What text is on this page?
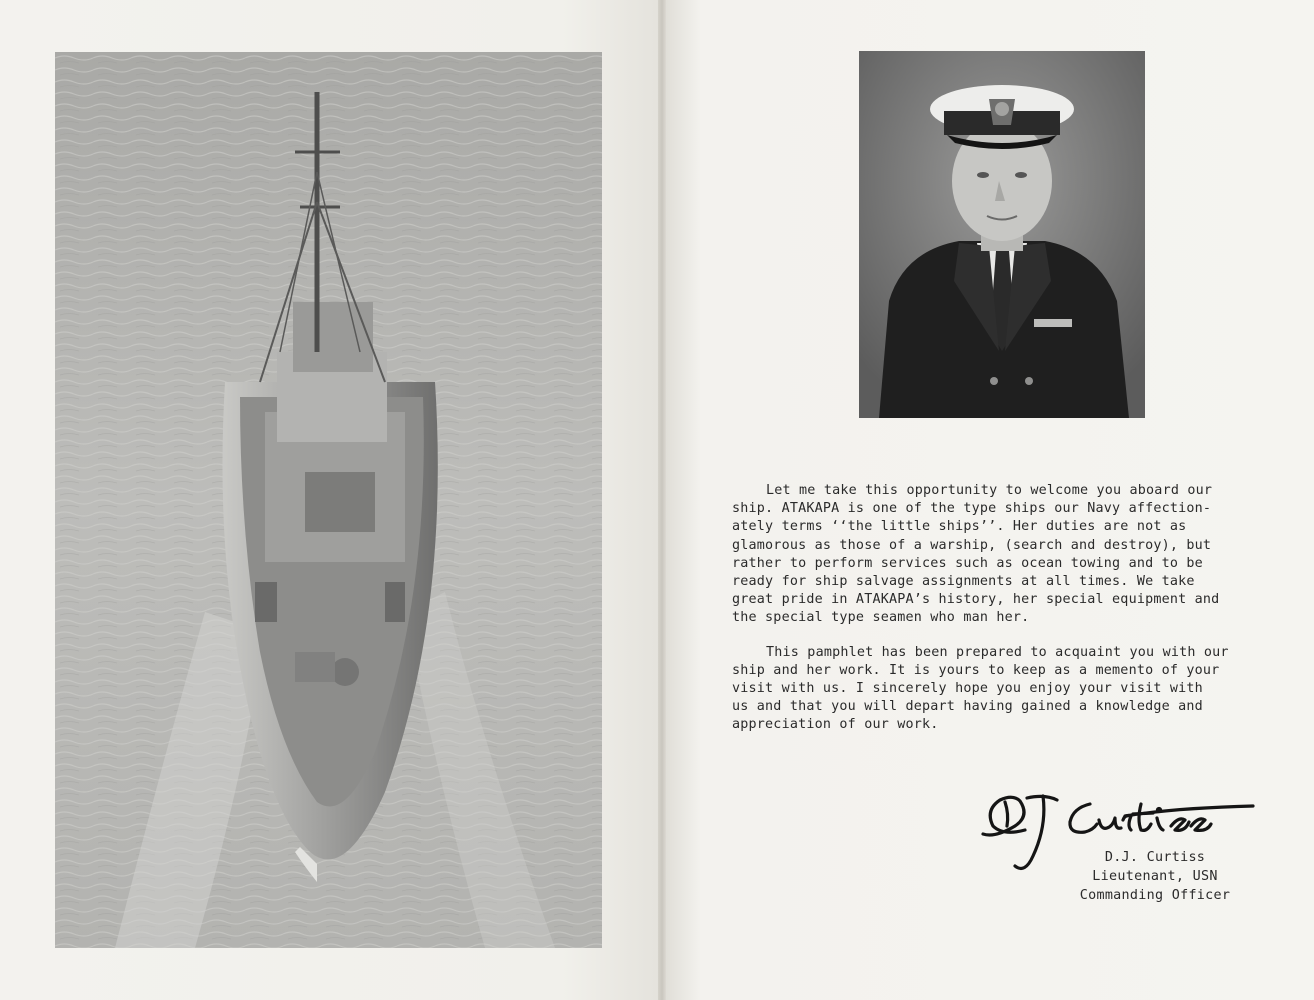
Let me take this opportunity to welcome you aboard our
ship. ATAKAPA is one of the type ships our Navy affection-
ately terms ‘‘the little ships’’. Her duties are not as
glamorous as those of a warship, (search and destroy), but
rather to perform services such as ocean towing and to be
ready for ship salvage assignments at all times. We take
great pride in ATAKAPA’s history, her special equipment and
the special type seamen who man her.

This pamphlet has been prepared to acquaint you with our
ship and her work. It is yours to keep as a memento of your
visit with us. I sincerely hope you enjoy your visit with
us and that you will depart having gained a knowledge and
appreciation of our work.

D.J. Curtiss
Lieutenant, USN
Commanding Officer
